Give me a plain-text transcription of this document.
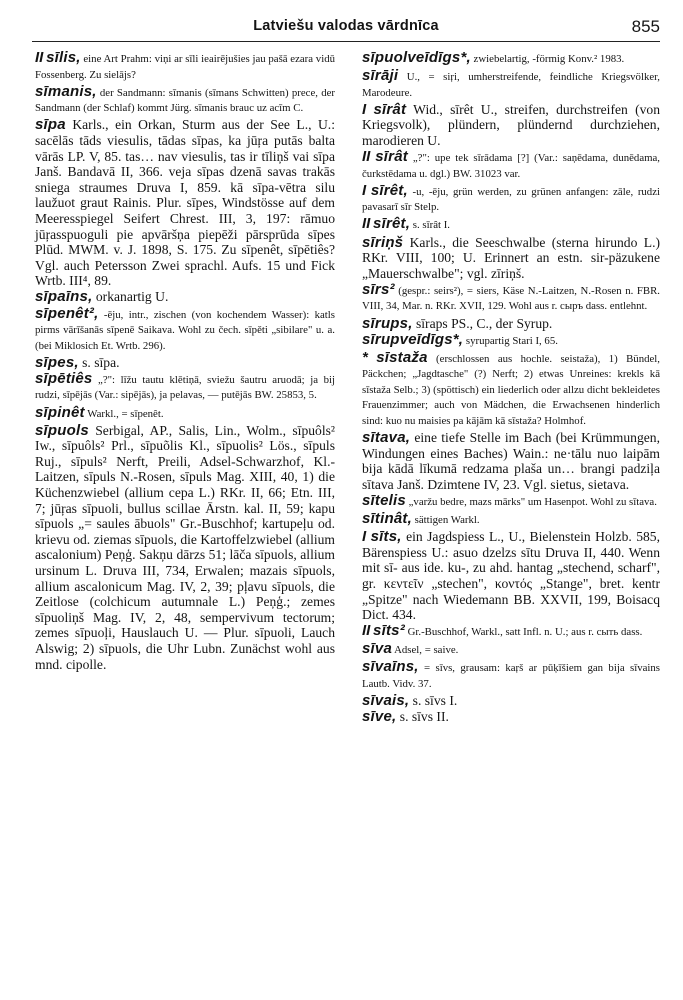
Latviešu valodas vārdnīca	855

II sīlis, eine Art Prahm: viņi ar sīli ieairējušies jau pašā ezara vidū Fossenberg. Zu sielājs?

sīmanis, der Sandmann: sīmanis (sīmans Schwitten) prece, der Sandmann (der Schlaf) kommt Jürg. sīmanis brauc uz acīm C.

sīpa Karls., ein Orkan, Sturm aus der See L., U.: sacēlās tāds viesulis, tādas sīpas, ka jūŗa putās balta vārās LP. V, 85. tas… nav viesulis, tas ir tīliņš vai sīpa Janš. Bandavā II, 366. veja sīpas dzenā savas trakās sniega straumes Druva I, 859. kā sīpa-vētra silu laužuot graut Rainis. Plur. sīpes, Windstösse auf dem Meeresspiegel Seifert Chrest. III, 3, 197: rāmuo jūŗasspuoguli pie apvāršņa piepēži pārsprūda sīpes Plūd. MWM. v. J. 1898, S. 175. Zu sīpenêt, sīpētiês? Vgl. auch Petersson Zwei sprachl. Aufs. 15 und Fick Wrtb. III⁴, 89.

sīpaīns, orkanartig U.

sīpenêt², -ēju, intr., zischen (von kochendem Wasser): katls pirms vārīšanās sīpenē Saikava. Wohl zu čech. sīpěti „sibilare" u. a. (bei Miklosich Et. Wrtb. 296).

sīpes, s. sīpa.

sīpētiês „?": līžu tautu klētiņā, sviežu šautru aruodā; ja bij rudzi, sīpējās (Var.: sipējās), ja pelavas, — putējās BW. 25853, 5.

sīpinêt Warkl., = sīpenêt.

sīpuols Serbigal, AP., Salis, Lin., Wolm., sīpuôls² Iw., sīpuôls² Prl., sīpuõlis Kl., sīpuolis² Lös., sīpuls Ruj., sīpuls² Nerft, Preili, Adsel-Schwarzhof, Kl.-Laitzen, sīpuls N.-Rosen, sīpuls Mag. XIII, 40, 1) die Küchenzwiebel (allium cepa L.) RKr. II, 66; Etn. III, 7; jūŗas sīpuoli, bullus scillae Ārstn. kal. II, 59; kapu sīpuols „= saules ābuols" Gr.-Buschhof; kartupeļu od. krievu od. ziemas sīpuols, die Kartoffelzwiebel (allium ascalonium) Peņģ. Sakņu dārzs 51; lāča sīpuols, allium ursinum L. Druva III, 734, Erwalen; mazais sīpuols, allium ascalonicum Mag. IV, 2, 39; pļavu sīpuols, die Zeitlose (colchicum autumnale L.) Peņģ.; zemes sīpuoliņš Mag. IV, 2, 48, sempervivum tectorum; zemes sīpuoļi, Hauslauch U. — Plur. sīpuoli, Lauch Alswig; 2) sīpuols, die Uhr Lubn. Zunächst wohl aus mnd. cipolle.

sīpuolveīdīgs*, zwiebelartig, -förmig Konv.² 1983.

sīrāji U., = siŗi, umherstreifende, feindliche Kriegsvölker, Marodeure.

I sīrât Wid., sīrêt U., streifen, durchstreifen (von Kriegsvolk), plündern, plündernd durchziehen, marodieren U.

II sīrât „?": upe tek sīrādama [?] (Var.: saņēdama, dunēdama, čurkstēdama u. dgl.) BW. 31023 var.

I sīrêt, -u, -ēju, grün werden, zu grünen anfangen: zāle, rudzi pavasarī sīr Stelp.

II sīrêt, s. sīrât I.

sīriņš Karls., die Seeschwalbe (sterna hirundo L.) RKr. VIII, 100; U. Erinnert an estn. sir-päzukene „Mauerschwalbe"; vgl. zīriņš.

sīrs² (gespr.: seirs²), = siers, Käse N.-Laitzen, N.-Rosen n. FBR. VIII, 34, Mar. n. RKr. XVII, 129. Wohl aus r. сыръ dass. entlehnt.

sīrups, sīraps PS., C., der Syrup.

sīrupveīdīgs*, syrupartig Stari I, 65.

* sīstaža (erschlossen aus hochle. seistaža), 1) Bündel, Päckchen; „Jagdtasche" (?) Nerft; 2) etwas Unreines: krekls kā sīstaža Selb.; 3) (spöttisch) ein liederlich oder allzu dicht bekleidetes Frauenzimmer; auch von Mädchen, die Erwachsenen hinderlich sind: kuo nu maisies pa kājām kā sīstaža? Holmhof.

sītava, eine tiefe Stelle im Bach (bei Krümmungen, Windungen eines Baches) Wain.: ne·tālu nuo laipām bija kādā līkumā redzama plaša un… brangi padziļa sītava Janš. Dzimtene IV, 23. Vgl. sietus, sietava.

sītelis „varžu bedre, mazs mārks" um Hasenpot. Wohl zu sītava.

sītinât, sättigen Warkl.

I sīts, ein Jagdspiess L., U., Bielenstein Holzb. 585, Bärenspiess U.: asuo dzelzs sītu Druva II, 440. Wenn mit sī- aus ide. ku-, zu ahd. hantag „stechend, scharf", gr. κεντεῖν „stechen", κοντός „Stange", bret. kentr „Spitze" nach Wiedemann BB. XXVII, 199, Boisacq Dict. 434.

II sīts² Gr.-Buschhof, Warkl., satt Infl. n. U.; aus r. сыть dass.

sīva Adsel, = saive.

sīvaīns, = sīvs, grausam: kaŗš ar pūķīšiem gan bija sīvains Lautb. Vidv. 37.

sīvais, s. sīvs I.

sīve, s. sīvs II.
